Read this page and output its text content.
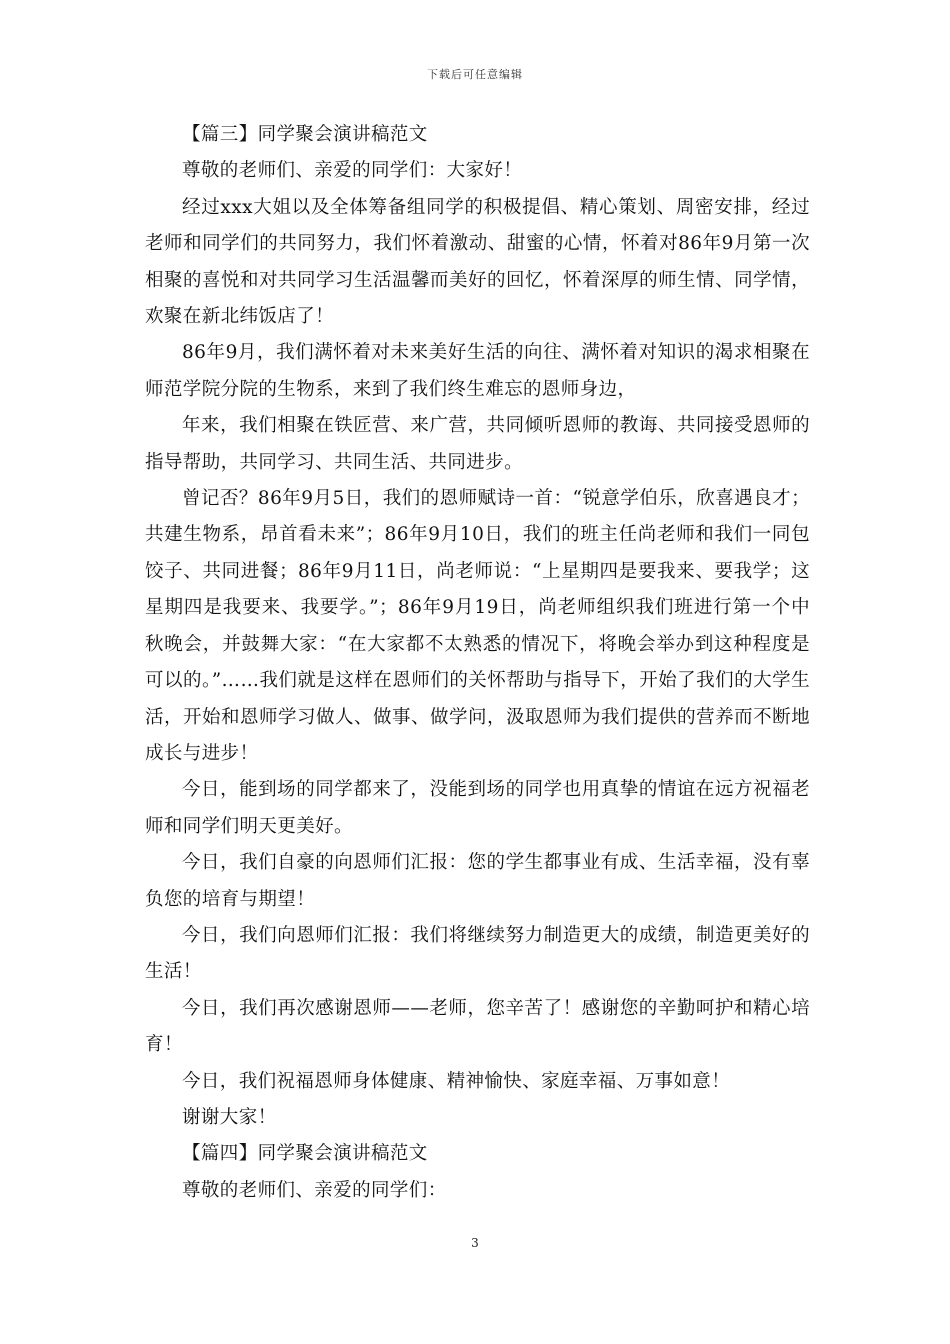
下载后可任意编辑

【篇三】同学聚会演讲稿范文

尊敬的老师们、亲爱的同学们：大家好！

经过xxx大姐以及全体筹备组同学的积极提倡、精心策划、周密安排，经过老师和同学们的共同努力，我们怀着激动、甜蜜的心情，怀着对86年9月第一次相聚的喜悦和对共同学习生活温馨而美好的回忆，怀着深厚的师生情、同学情，欢聚在新北纬饭店了！

86年9月，我们满怀着对未来美好生活的向往、满怀着对知识的渴求相聚在师范学院分院的生物系，来到了我们终生难忘的恩师身边，

年来，我们相聚在铁匠营、来广营，共同倾听恩师的教诲、共同接受恩师的指导帮助，共同学习、共同生活、共同进步。

曾记否？86年9月5日，我们的恩师赋诗一首：“锐意学伯乐，欣喜遇良才；共建生物系，昂首看未来”；86年9月10日，我们的班主任尚老师和我们一同包饺子、共同进餐；86年9月11日，尚老师说：“上星期四是要我来、要我学；这星期四是我要来、我要学。”；86年9月19日，尚老师组织我们班进行第一个中秋晚会，并鼓舞大家：“在大家都不太熟悉的情况下，将晚会举办到这种程度是可以的。”……我们就是这样在恩师们的关怀帮助与指导下，开始了我们的大学生活，开始和恩师学习做人、做事、做学问，汲取恩师为我们提供的营养而不断地成长与进步！

今日，能到场的同学都来了，没能到场的同学也用真挚的情谊在远方祝福老师和同学们明天更美好。

今日，我们自豪的向恩师们汇报：您的学生都事业有成、生活幸福，没有辜负您的培育与期望！

今日，我们向恩师们汇报：我们将继续努力制造更大的成绩，制造更美好的生活！

今日，我们再次感谢恩师——老师，您辛苦了！感谢您的辛勤呵护和精心培育！

今日，我们祝福恩师身体健康、精神愉快、家庭幸福、万事如意！

谢谢大家！

【篇四】同学聚会演讲稿范文

尊敬的老师们、亲爱的同学们：

3
